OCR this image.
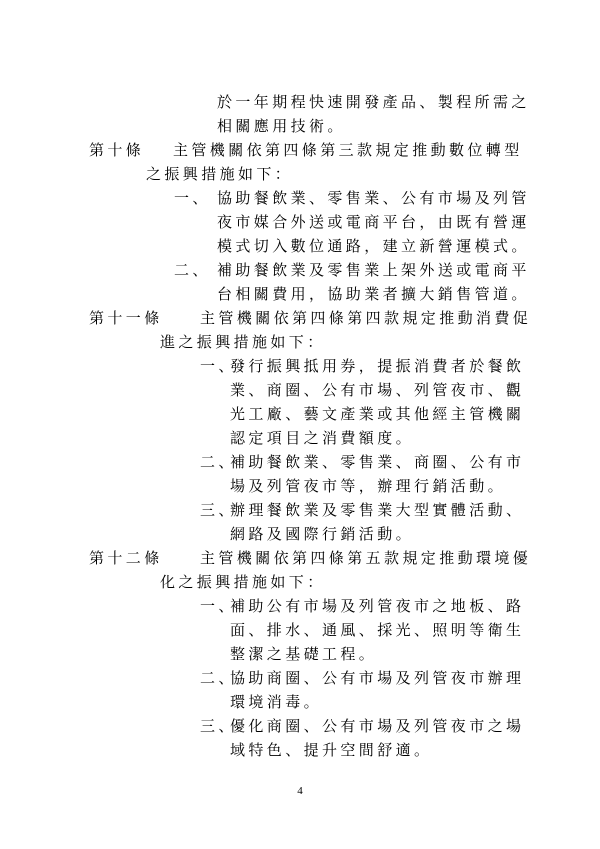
於一年期程快速開發產品、製程所需之
相關應用技術。
第十條 主管機關依第四條第三款規定推動數位轉型
之振興措施如下：
一、 協助餐飲業、零售業、公有市場及列管
夜市媒合外送或電商平台，由既有營運
模式切入數位通路，建立新營運模式。
二、 補助餐飲業及零售業上架外送或電商平
台相關費用，協助業者擴大銷售管道。
第十一條 主管機關依第四條第四款規定推動消費促
進之振興措施如下：
一、
發行振興抵用券，提振消費者於餐飲
業、商圈、公有市場、列管夜市、觀
光工廠、藝文產業或其他經主管機關
認定項目之消費額度。
二、
補助餐飲業、零售業、商圈、公有市
場及列管夜市等，辦理行銷活動。
三、
辦理餐飲業及零售業大型實體活動、
網路及國際行銷活動。
第十二條 主管機關依第四條第五款規定推動環境優
化之振興措施如下：
一、
補助公有市場及列管夜市之地板、路
面、排水、通風、採光、照明等衛生
整潔之基礎工程。
二、
協助商圈、公有市場及列管夜市辦理
環境消毒。
三、
優化商圈、公有市場及列管夜市之場
域特色、提升空間舒適。
4
